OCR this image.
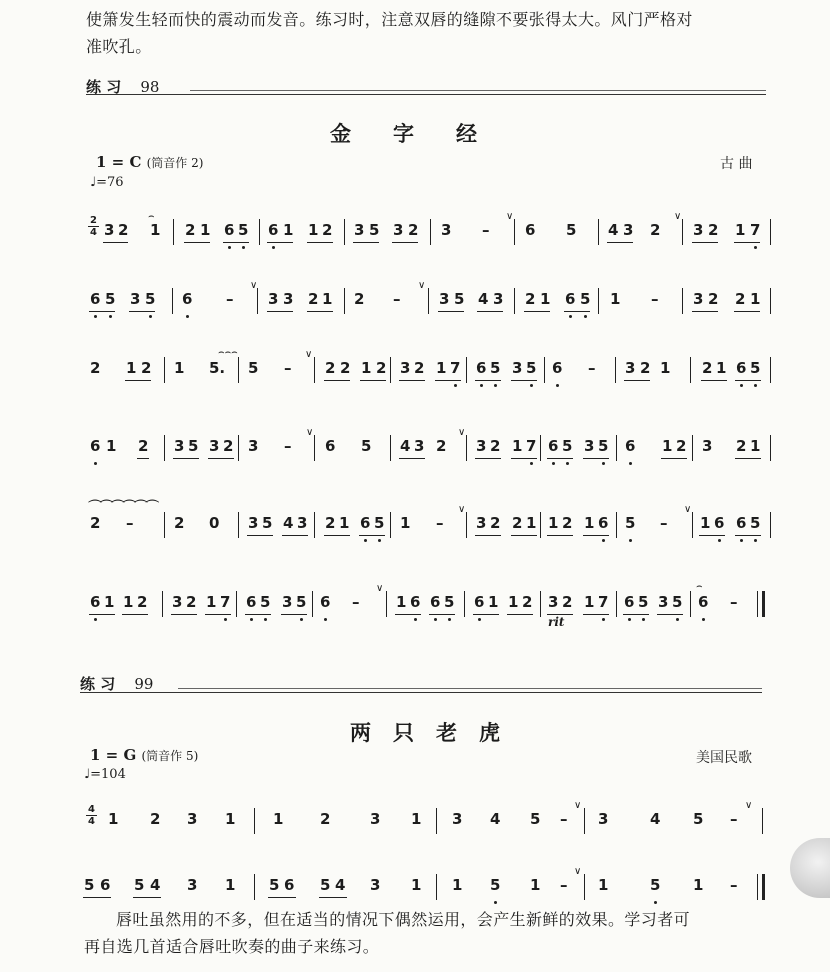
使箫发生轻而快的震动而发音。练习时，注意双唇的缝隙不要张得太大。风门严格对
准吹孔。
练 习 98
金字经
1 = C (筒音作 2)
♩=76
古 曲
2
4 3 2 1
⌢
2 1 6 5 6 1 1 2 3 5 3 2 3 –
∨
6 5 4 3 2
∨
3 2 1 7
6 5 3 5 6 –
∨
3 3 2 1 2 –
∨
3 5 4 3 2 1 6 5 1 – 3 2 2 1
2 1 2 1 5.
⌢⌢⌢
5 –
∨
2 2 1 2 3 2 1 7 6 5 3 5 6 – 3 2 1 2 1 6 5
6 1 2 3 5 3 2 3 –
∨
6 5 4 3 2
∨
3 2 1 7 6 5 3 5 6 1 2 3 2 1
⏜⏜⏜⏜⏜⏜
2 –	2 0 3 5 4 3 2 1 6 5 1 –
∨
3 2 2 1 1 2 1 6 5 –
∨
1 6 6 5
6 1 1 2 3 2 1 7 6 5 3 5 6 –
∨
1 6 6 5 6 1 1 2 3 2 1 7 6 5 3 5 6
⌢
–
rit
练 习 99
两只老虎
1 = G (筒音作 5)
♩=104
美国民歌
4
4 1 2 3 1	1 2	3 1 3 4 5 –
∨
3	4 5 –
∨
5 6 5 4 3 1 5 6 5 4 3 1 1 5 1 –
∨
1	5 1 –
唇吐虽然用的不多，但在适当的情况下偶然运用，会产生新鲜的效果。学习者可
再自选几首适合唇吐吹奏的曲子来练习。
